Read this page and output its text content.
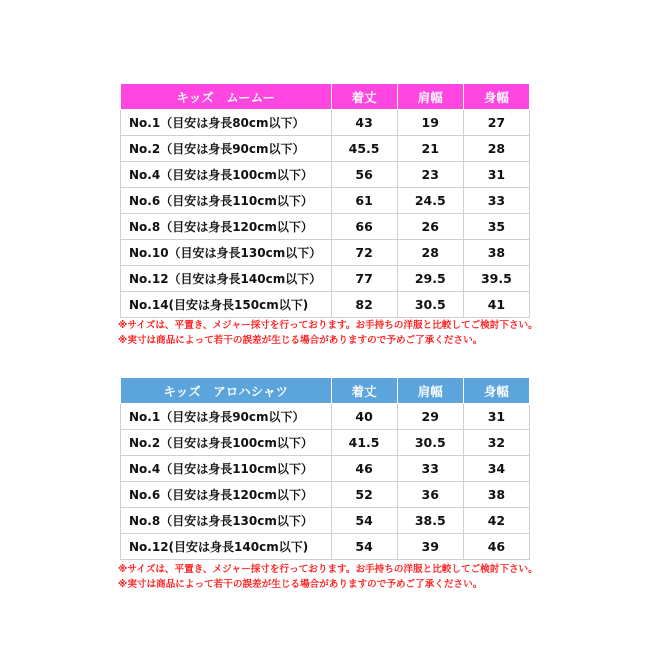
キッズ　ムームー	着丈	肩幅	身幅
No.1（目安は身長80cm以下）	43	19	27
No.2（目安は身長90cm以下）	45.5	21	28
No.4（目安は身長100cm以下）	56	23	31
No.6（目安は身長110cm以下）	61	24.5	33
No.8（目安は身長120cm以下）	66	26	35
No.10（目安は身長130cm以下）	72	28	38
No.12（目安は身長140cm以下）	77	29.5	39.5
No.14(目安は身長150cm以下)	82	30.5	41
※サイズは、平置き、メジャー採寸を行っております。お手持ちの洋服と比較してご検討下さい。
※実寸は商品によって若干の誤差が生じる場合がありますので予めご了承ください。
キッズ　アロハシャツ	着丈	肩幅	身幅
No.1（目安は身長90cm以下）	40	29	31
No.2（目安は身長100cm以下）	41.5	30.5	32
No.4（目安は身長110cm以下）	46	33	34
No.6（目安は身長120cm以下）	52	36	38
No.8（目安は身長130cm以下）	54	38.5	42
No.12(目安は身長140cm以下)	54	39	46
※サイズは、平置き、メジャー採寸を行っております。お手持ちの洋服と比較してご検討下さい。
※実寸は商品によって若干の誤差が生じる場合がありますので予めご了承ください。
